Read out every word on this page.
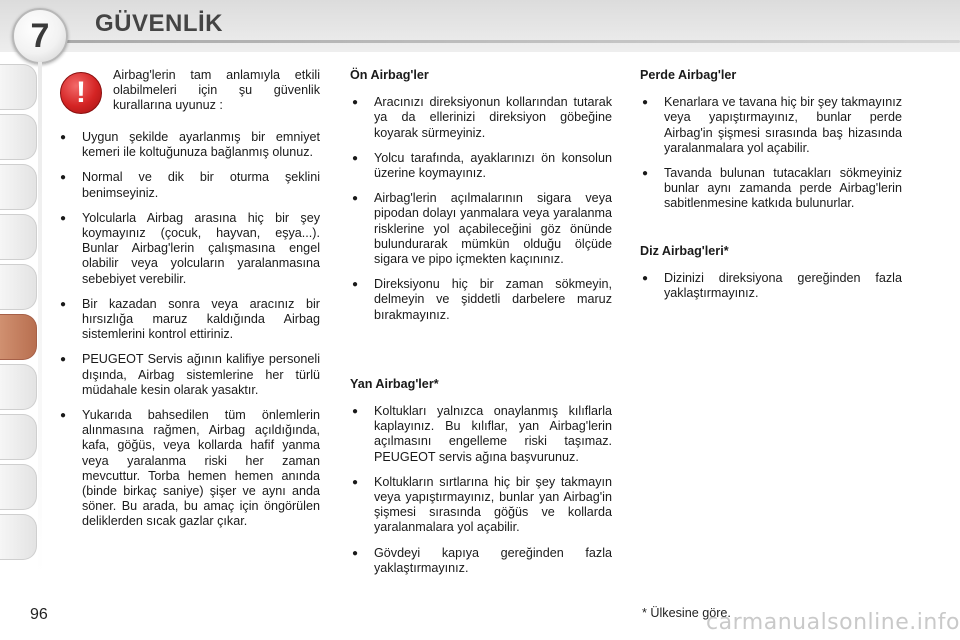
7	GÜVENLİK
!
Airbag'lerin tam anlamıyla etkili olabilmeleri için şu güvenlik kurallarına uyunuz :
● Uygun şekilde ayarlanmış bir emniyet kemeri ile koltuğunuza bağlanmış olunuz.
● Normal ve dik bir oturma şeklini benimseyiniz.
● Yolcularla Airbag arasına hiç bir şey koymayınız (çocuk, hayvan, eşya...). Bunlar Airbag'lerin çalışmasına engel olabilir veya yolcuların yaralanmasına sebebiyet verebilir.
● Bir kazadan sonra veya aracınız bir hırsızlığa maruz kaldığında Airbag sistemlerini kontrol ettiriniz.
● PEUGEOT Servis ağının kalifiye personeli dışında, Airbag sistemlerine her türlü müdahale kesin olarak yasaktır.
● Yukarıda bahsedilen tüm önlemlerin alınmasına rağmen, Airbag açıldığında, kafa, göğüs, veya kollarda hafif yanma veya yaralanma riski her zaman mevcuttur. Torba hemen hemen anında (binde birkaç saniye) şişer ve aynı anda söner. Bu arada, bu amaç için öngörülen deliklerden sıcak gazlar çıkar.
Ön Airbag'ler
● Aracınızı direksiyonun kollarından tutarak ya da ellerinizi direksiyon göbeğine koyarak sürmeyiniz.
● Yolcu tarafında, ayaklarınızı ön konsolun üzerine koymayınız.
● Airbag'lerin açılmalarının sigara veya pipodan dolayı yanmalara veya yaralanma risklerine yol açabileceğini göz önünde bulundurarak mümkün olduğu ölçüde sigara ve pipo içmekten kaçınınız.
● Direksiyonu hiç bir zaman sökmeyin, delmeyin ve şiddetli darbelere maruz bırakmayınız.
Yan Airbag'ler*
● Koltukları yalnızca onaylanmış kılıflarla kaplayınız. Bu kılıflar, yan Airbag'lerin açılmasını engelleme riski taşımaz. PEUGEOT servis ağına başvurunuz.
● Koltukların sırtlarına hiç bir şey takmayın veya yapıştırmayınız, bunlar yan Airbag'in şişmesi sırasında göğüs ve kollarda yaralanmalara yol açabilir.
● Gövdeyi kapıya gereğinden fazla yaklaştırmayınız.
Perde Airbag'ler
● Kenarlara ve tavana hiç bir şey takmayınız veya yapıştırmayınız, bunlar perde Airbag'in şişmesi sırasında baş hizasında yaralanmalara yol açabilir.
● Tavanda bulunan tutacakları sökmeyiniz bunlar aynı zamanda perde Airbag'lerin sabitlenmesine katkıda bulunurlar.
Diz Airbag'leri*
● Dizinizi direksiyona gereğinden fazla yaklaştırmayınız.
96	* Ülkesine göre.
carmanualsonline.info
